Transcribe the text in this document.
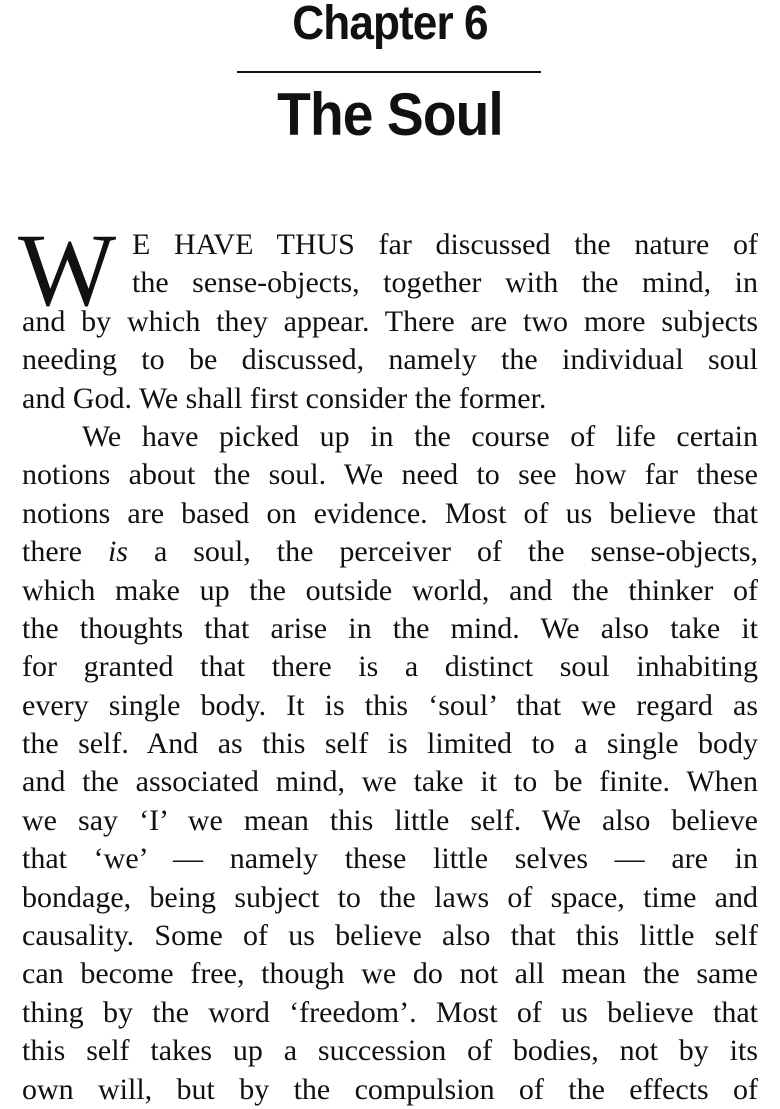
Chapter 6
The Soul
W E HAVE THUS far discussed the nature of
the sense-objects, together with the mind, in
and by which they appear. There are two more subjects
needing to be discussed, namely the individual soul
and God. We shall first consider the former.
We have picked up in the course of life certain
notions about the soul. We need to see how far these
notions are based on evidence. Most of us believe that
there is a soul, the perceiver of the sense-objects,
which make up the outside world, and the thinker of
the thoughts that arise in the mind. We also take it
for granted that there is a distinct soul inhabiting
every single body. It is this ‘soul’ that we regard as
the self. And as this self is limited to a single body
and the associated mind, we take it to be finite. When
we say ‘I’ we mean this little self. We also believe
that ‘we’ — namely these little selves — are in
bondage, being subject to the laws of space, time and
causality. Some of us believe also that this little self
can become free, though we do not all mean the same
thing by the word ‘freedom’. Most of us believe that
this self takes up a succession of bodies, not by its
own will, but by the compulsion of the effects of
